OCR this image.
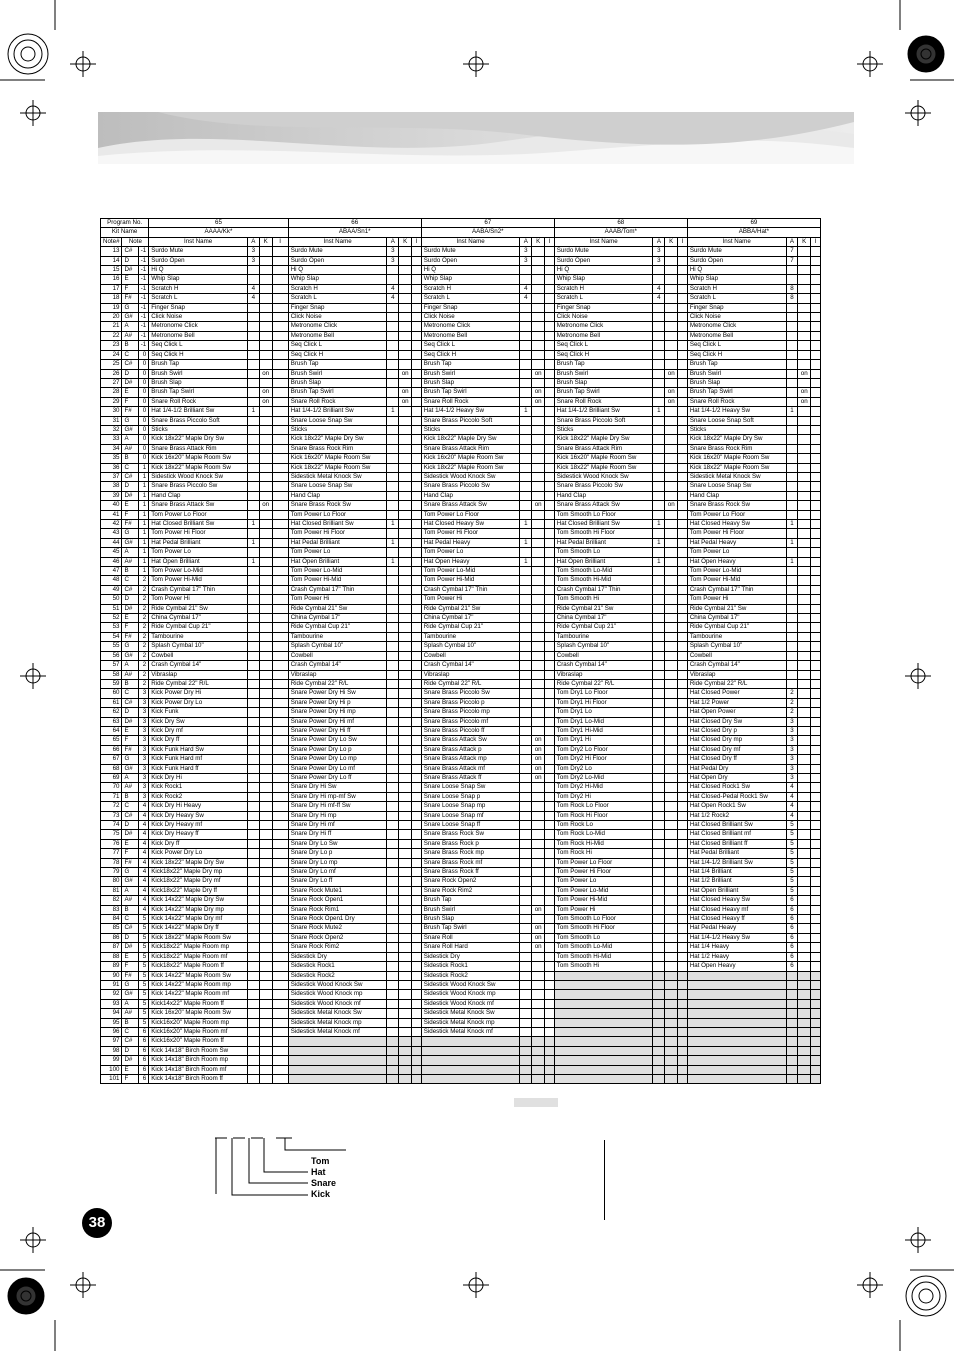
Program No.			65				66				67				68				69			
Kit Name			AAAA/Kk*				ABAA/Sn1*				AABA/Sn2*				AAAB/Tom*				ABBA/Hat*			
Note#	Note		Inst Name	A	K	I	Inst Name	A	K	I	Inst Name	A	K	I	Inst Name	A	K	I	Inst Name	A	K	I
13	C#	-1	Surdo Mute	3			Surdo Mute	3			Surdo Mute	3			Surdo Mute	3			Surdo Mute	7		
14	D	-1	Surdo Open	3			Surdo Open	3			Surdo Open	3			Surdo Open	3			Surdo Open	7		
15	D#	-1	Hi Q				Hi Q				Hi Q				Hi Q				Hi Q			
16	E	-1	Whip Slap				Whip Slap				Whip Slap				Whip Slap				Whip Slap			
17	F	-1	Scratch H	4			Scratch H	4			Scratch H	4			Scratch H	4			Scratch H	8		
18	F#	-1	Scratch L	4			Scratch L	4			Scratch L	4			Scratch L	4			Scratch L	8		
19	G	-1	Finger Snap				Finger Snap				Finger Snap				Finger Snap				Finger Snap			
20	G#	-1	Click Noise				Click Noise				Click Noise				Click Noise				Click Noise			
21	A	-1	Metronome Click				Metronome Click				Metronome Click				Metronome Click				Metronome Click			
22	A#	-1	Metronome Bell				Metronome Bell				Metronome Bell				Metronome Bell				Metronome Bell			
23	B	-1	Seq Click L				Seq Click L				Seq Click L				Seq Click L				Seq Click L			
24	C	0	Seq Click H				Seq Click H				Seq Click H				Seq Click H				Seq Click H			
25	C#	0	Brush Tap				Brush Tap				Brush Tap				Brush Tap				Brush Tap			
26	D	0	Brush Swirl		on		Brush Swirl		on		Brush Swirl		on		Brush Swirl		on		Brush Swirl		on	
27	D#	0	Brush Slap				Brush Slap				Brush Slap				Brush Slap				Brush Slap			
28	E	0	Brush Tap Swirl		on		Brush Tap Swirl		on		Brush Tap Swirl		on		Brush Tap Swirl		on		Brush Tap Swirl		on	
29	F	0	Snare Roll Rock		on		Snare Roll Rock		on		Snare Roll Rock		on		Snare Roll Rock		on		Snare Roll Rock		on	
30	F#	0	Hat 1/4-1/2 Brilliant Sw	1			Hat 1/4-1/2 Brilliant Sw	1			Hat 1/4-1/2 Heavy Sw	1			Hat 1/4-1/2 Brilliant Sw	1			Hat 1/4-1/2 Heavy Sw	1		
31	G	0	Snare Brass Piccolo Soft				Snare Loose Snap Sw				Snare Brass Piccolo Soft				Snare Brass Piccolo Soft				Snare Loose Snap Soft			
32	G#	0	Sticks				Sticks				Sticks				Sticks				Sticks			
33	A	0	Kick 18x22" Maple Dry Sw				Kick 18x22" Maple Dry Sw				Kick 18x22" Maple Dry Sw				Kick 18x22" Maple Dry Sw				Kick 18x22" Maple Dry Sw			
34	A#	0	Snare Brass Attack Rim				Snare Brass Rock Rim				Snare Brass Attack Rim				Snare Brass Attack Rim				Snare Brass Rock Rim			
35	B	0	Kick 16x20" Maple Room Sw				Kick 16x20" Maple Room Sw				Kick 16x20" Maple Room Sw				Kick 16x20" Maple Room Sw				Kick 16x20" Maple Room Sw			
36	C	1	Kick 18x22" Maple Room Sw				Kick 18x22" Maple Room Sw				Kick 18x22" Maple Room Sw				Kick 18x22" Maple Room Sw				Kick 18x22" Maple Room Sw			
37	C#	1	Sidestick Wood Knock Sw				Sidestick Metal Knock Sw				Sidestick Wood Knock Sw				Sidestick Wood Knock Sw				Sidestick Metal Knock Sw			
38	D	1	Snare Brass Piccolo Sw				Snare Loose Snap Sw				Snare Brass Piccolo Sw				Snare Brass Piccolo Sw				Snare Loose Snap Sw			
39	D#	1	Hand Clap				Hand Clap				Hand Clap				Hand Clap				Hand Clap			
40	E	1	Snare Brass Attack Sw		on		Snare Brass Rock Sw				Snare Brass Attack Sw		on		Snare Brass Attack Sw		on		Snare Brass Rock Sw			
41	F	1	Tom Power Lo Floor				Tom Power Lo Floor				Tom Power Lo Floor				Tom Smooth Lo Floor				Tom Power Lo Floor			
42	F#	1	Hat Closed Brilliant Sw	1			Hat Closed Brilliant Sw	1			Hat Closed Heavy Sw	1			Hat Closed Brilliant Sw	1			Hat Closed Heavy Sw	1		
43	G	1	Tom Power Hi Floor				Tom Power Hi Floor				Tom Power Hi Floor				Tom Smooth Hi Floor				Tom Power Hi Floor			
44	G#	1	Hat Pedal Brilliant	1			Hat Pedal Brilliant	1			Hat Pedal Heavy	1			Hat Pedal Brilliant	1			Hat Pedal Heavy	1		
45	A	1	Tom Power Lo				Tom Power Lo				Tom Power Lo				Tom Smooth Lo				Tom Power Lo			
46	A#	1	Hat Open Brilliant	1			Hat Open Brilliant	1			Hat Open Heavy	1			Hat Open Brilliant	1			Hat Open Heavy	1		
47	B	1	Tom Power Lo-Mid				Tom Power Lo-Mid				Tom Power Lo-Mid				Tom Smooth Lo-Mid				Tom Power Lo-Mid			
48	C	2	Tom Power Hi-Mid				Tom Power Hi-Mid				Tom Power Hi-Mid				Tom Smooth Hi-Mid				Tom Power Hi-Mid			
49	C#	2	Crash Cymbal 17" Thin				Crash Cymbal 17" Thin				Crash Cymbal 17" Thin				Crash Cymbal 17" Thin				Crash Cymbal 17" Thin			
50	D	2	Tom Power Hi				Tom Power Hi				Tom Power Hi				Tom Smooth Hi				Tom Power Hi			
51	D#	2	Ride Cymbal 21" Sw				Ride Cymbal 21" Sw				Ride Cymbal 21" Sw				Ride Cymbal 21" Sw				Ride Cymbal 21" Sw			
52	E	2	China Cymbal 17"				China Cymbal 17"				China Cymbal 17"				China Cymbal 17"				China Cymbal 17"			
53	F	2	Ride Cymbal Cup 21"				Ride Cymbal Cup 21"				Ride Cymbal Cup 21"				Ride Cymbal Cup 21"				Ride Cymbal Cup 21"			
54	F#	2	Tambourine				Tambourine				Tambourine				Tambourine				Tambourine			
55	G	2	Splash Cymbal 10"				Splash Cymbal 10"				Splash Cymbal 10"				Splash Cymbal 10"				Splash Cymbal 10"			
56	G#	2	Cowbell				Cowbell				Cowbell				Cowbell				Cowbell			
57	A	2	Crash Cymbal 14"				Crash Cymbal 14"				Crash Cymbal 14"				Crash Cymbal 14"				Crash Cymbal 14"			
58	A#	2	Vibraslap				Vibraslap				Vibraslap				Vibraslap				Vibraslap			
59	B	2	Ride Cymbal 22" R/L				Ride Cymbal 22" R/L				Ride Cymbal 22" R/L				Ride Cymbal 22" R/L				Ride Cymbal 22" R/L			
60	C	3	Kick Power Dry Hi				Snare Power Dry Hi Sw				Snare Brass Piccolo Sw				Tom Dry1 Lo Floor				Hat Closed Power	2		
61	C#	3	Kick Power Dry Lo				Snare Power Dry Hi p				Snare Brass Piccolo p				Tom Dry1 Hi Floor				Hat 1/2 Power	2		
62	D	3	Kick Funk				Snare Power Dry Hi mp				Snare Brass Piccolo mp				Tom Dry1 Lo				Hat Open Power	2		
63	D#	3	Kick Dry Sw				Snare Power Dry Hi mf				Snare Brass Piccolo mf				Tom Dry1 Lo-Mid				Hat Closed Dry Sw	3		
64	E	3	Kick Dry mf				Snare Power Dry Hi ff				Snare Brass Piccolo ff				Tom Dry1 Hi-Mid				Hat Closed Dry p	3		
65	F	3	Kick Dry ff				Snare Power Dry Lo Sw				Snare Brass Attack Sw		on		Tom Dry1 Hi				Hat Closed Dry mp	3		
66	F#	3	Kick Funk Hard Sw				Snare Power Dry Lo p				Snare Brass Attack p		on		Tom Dry2 Lo Floor				Hat Closed Dry mf	3		
67	G	3	Kick Funk Hard mf				Snare Power Dry Lo mp				Snare Brass Attack mp		on		Tom Dry2 Hi Floor				Hat Closed Dry ff	3		
68	G#	3	Kick Funk Hard ff				Snare Power Dry Lo mf				Snare Brass Attack mf		on		Tom Dry2 Lo				Hat Pedal Dry	3		
69	A	3	Kick Dry Hi				Snare Power Dry Lo ff				Snare Brass Attack ff		on		Tom Dry2 Lo-Mid				Hat Open Dry	3		
70	A#	3	Kick Rock1				Snare Dry Hi Sw				Snare Loose Snap Sw				Tom Dry2 Hi-Mid				Hat Closed Rock1 Sw	4		
71	B	3	Kick Rock2				Snare Dry Hi mp-mf Sw				Snare Loose Snap p				Tom Dry2 Hi				Hat Closed-Pedal Rock1 Sw	4		
72	C	4	Kick Dry Hi Heavy				Snare Dry Hi mf-ff Sw				Snare Loose Snap mp				Tom Rock Lo Floor				Hat Open Rock1 Sw	4		
73	C#	4	Kick Dry Heavy Sw				Snare Dry Hi mp				Snare Loose Snap mf				Tom Rock Hi Floor				Hat 1/2 Rock2	4		
74	D	4	Kick Dry Heavy mf				Snare Dry Hi mf				Snare Loose Snap ff				Tom Rock Lo				Hat Closed Brilliant Sw	5		
75	D#	4	Kick Dry Heavy ff				Snare Dry Hi ff				Snare Brass Rock Sw				Tom Rock Lo-Mid				Hat Closed Brilliant mf	5		
76	E	4	Kick Dry ff				Snare Dry Lo Sw				Snare Brass Rock p				Tom Rock Hi-Mid				Hat Closed Brilliant ff	5		
77	F	4	Kick Power Dry Lo				Snare Dry Lo p				Snare Brass Rock mp				Tom Rock Hi				Hat Pedal Brilliant	5		
78	F#	4	Kick 18x22" Maple Dry Sw				Snare Dry Lo mp				Snare Brass Rock mf				Tom Power Lo Floor				Hat 1/4-1/2 Brilliant Sw	5		
79	G	4	Kick18x22" Maple Dry mp				Snare Dry Lo mf				Snare Brass Rock ff				Tom Power Hi Floor				Hat 1/4 Brilliant	5		
80	G#	4	Kick18x22" Maple Dry mf				Snare Dry Lo ff				Snare Rock Open2				Tom Power Lo				Hat 1/2 Brilliant	5		
81	A	4	Kick18x22" Maple Dry ff				Snare Rock Mute1				Snare Rock Rim2				Tom Power Lo-Mid				Hat Open Brilliant	5		
82	A#	4	Kick 14x22" Maple Dry Sw				Snare Rock Open1				Brush Tap				Tom Power Hi-Mid				Hat Closed Heavy Sw	6		
83	B	4	Kick 14x22" Maple Dry mp				Snare Rock Rim1				Brush Swirl		on		Tom Power Hi				Hat Closed Heavy mf	6		
84	C	5	Kick 14x22" Maple Dry mf				Snare Rock Open1 Dry				Brush Slap				Tom Smooth Lo Floor				Hat Closed Heavy ff	6		
85	C#	5	Kick 14x22" Maple Dry ff				Snare Rock Mute2				Brush Tap Swirl		on		Tom Smooth Hi Floor				Hat Pedal Heavy	6		
86	D	5	Kick 18x22" Maple Room Sw				Snare Rock Open2				Snare Roll		on		Tom Smooth Lo				Hat 1/4-1/2 Heavy Sw	6		
87	D#	5	Kick18x22" Maple Room mp				Snare Rock Rim2				Snare Roll Hard		on		Tom Smooth Lo-Mid				Hat 1/4 Heavy	6		
88	E	5	Kick18x22" Maple Room mf				Sidestick Dry				Sidestick Dry				Tom Smooth Hi-Mid				Hat 1/2 Heavy	6		
89	F	5	Kick18x22" Maple Room ff				Sidestick Rock1				Sidestick Rock1				Tom Smooth Hi				Hat Open Heavy	6		
90	F#	5	Kick 14x22" Maple Room Sw				Sidestick Rock2				Sidestick Rock2											
91	G	5	Kick 14x22" Maple Room mp				Sidestick Wood Knock Sw				Sidestick Wood Knock Sw											
92	G#	5	Kick 14x22" Maple Room mf				Sidestick Wood Knock mp				Sidestick Wood Knock mp											
93	A	5	Kick14x22" Maple Room ff				Sidestick Wood Knock mf				Sidestick Wood Knock mf											
94	A#	5	Kick 16x20" Maple Room Sw				Sidestick Metal Knock Sw				Sidestick Metal Knock Sw											
95	B	5	Kick16x20" Maple Room mp				Sidestick Metal Knock mp				Sidestick Metal Knock mp											
96	C	6	Kick16x20" Maple Room mf				Sidestick Metal Knock mf				Sidestick Metal Knock mf											
97	C#	6	Kick16x20" Maple Room ff																			
98	D	6	Kick 14x18" Birch Room Sw																			
99	D#	6	Kick 14x18" Birch Room mp																			
100	E	6	Kick 14x18" Birch Room mf																			
101	F	6	Kick 14x18" Birch Room ff																			
Tom
Hat
Snare
Kick
38
